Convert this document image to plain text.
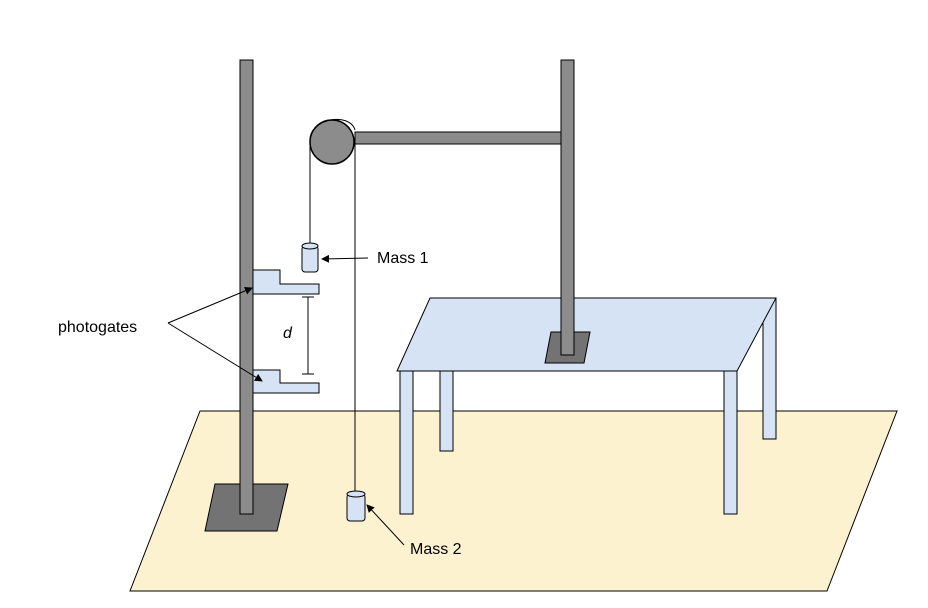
d
Mass 1
Mass 2
photogates
